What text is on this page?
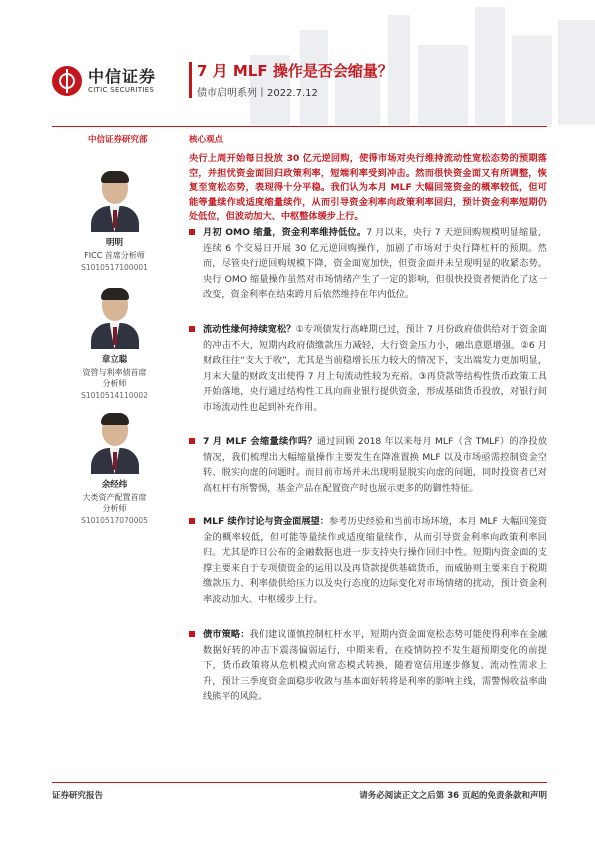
中信证券
CITIC SECURITIES
7 月 MLF 操作是否会缩量？
债市启明系列丨2022.7.12
中信证券研究部	核心观点
明明
FICC 首席分析师
S1010517100001
章立聪
资管与利率债首席
分析师
S1010514110002
余经纬
大类资产配置首席
分析师
S1010517070005
央行上周开始每日投放 30 亿元逆回购，使得市场对央行维持流动性宽松态势的预期落空，并担忧资金面回归政策利率，短端利率受到冲击。然而很快资金面又有所调整，恢复至宽松态势，表现得十分平稳。我们认为本月 MLF 大幅回笼资金的概率较低，但可能等量续作或适度缩量续作，从而引导资金利率向政策利率回归，预计资金利率短期仍处低位，但波动加大、中枢整体缓步上行。
月初 OMO 缩量，资金利率维持低位。7 月以来，央行 7 天逆回购规模明显缩量，连续 6 个交易日开展 30 亿元逆回购操作，加剧了市场对于央行降杠杆的预期。然而，尽管央行逆回购规模下降，资金面宽加快，但资金面并未呈现明显的收紧态势。央行 OMO 缩量操作虽然对市场情绪产生了一定的影响，但很快投资者便消化了这一改变，资金利率在结束跨月后依然维持在年内低位。
流动性缘何持续宽松？①专项债发行高峰期已过，预计 7 月份政府债供给对于资金面的冲击不大，短期内政府债缴款压力减轻，大行资金压力小，融出意愿增强。②6 月财政往往“支大于收”，尤其是当前稳增长压力较大的情况下，支出端发力更加明显，月末大量的财政支出使得 7 月上旬流动性较为充裕。③再贷款等结构性货币政策工具开始落地，央行通过结构性工具向商业银行提供资金，形成基础货币投放，对银行间市场流动性也起到补充作用。
7 月 MLF 会缩量续作吗？通过回顾 2018 年以来每月 MLF（含 TMLF）的净投放情况，我们梳理出大幅缩量操作主要发生在降准置换 MLF 以及市场亟需控制资金空转、脱实向虚的问题时。而目前市场并未出现明显脱实向虚的问题，同时投资者已对高杠杆有所警惕，基金产品在配置资产时也展示更多的防御性特征。
MLF 续作讨论与资金面展望：参考历史经验和当前市场环境，本月 MLF 大幅回笼资金的概率较低，但可能等量续作或适度缩量续作，从而引导资金利率向政策利率回归。尤其是昨日公布的金融数据也进一步支持央行操作回归中性。短期内资金面的支撑主要来自于专项债资金的运用以及再贷款提供基础货币，而威胁则主要来自于税期缴款压力、利率债供给压力以及央行态度的边际变化对市场情绪的扰动，预计资金利率波动加大、中枢缓步上行。
债市策略：我们建议谨慎控制杠杆水平，短期内资金面宽松态势可能使得利率在金融数据好转的冲击下震荡偏弱运行，中期来看，在疫情防控不发生超预期变化的前提下，货币政策将从危机模式向常态模式转换，随着宽信用逐步修复、流动性需求上升，预计三季度资金面稳步收敛与基本面好转将是利率的影响主线，需警惕收益率曲线熊平的风险。
证券研究报告	请务必阅读正文之后第 36 页起的免责条款和声明
